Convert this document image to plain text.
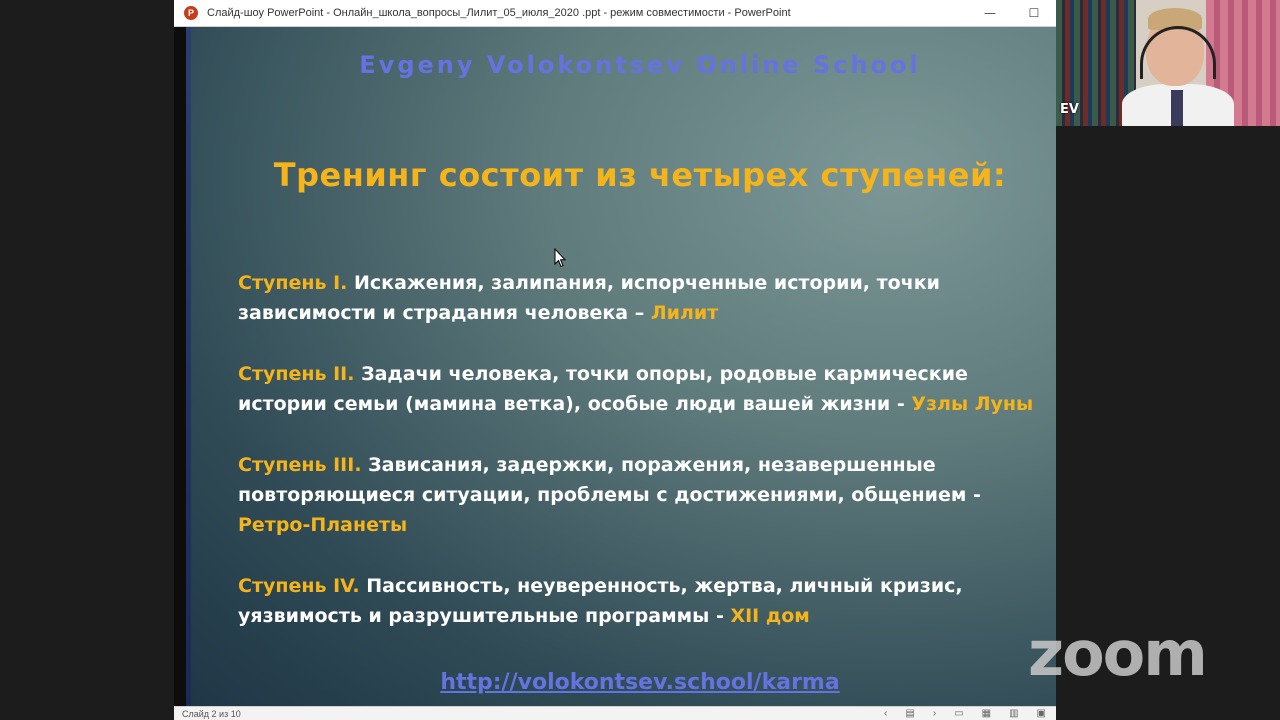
P	Слайд-шоу PowerPoint - Онлайн_школа_вопросы_Лилит_05_июля_2020 .ppt - режим совместимости - PowerPoint	—	☐
Evgeny Volokontsev Online School
Тренинг состоит из четырех ступеней:
Ступень I. Искажения, залипания, испорченные истории, точки зависимости и страдания человека – Лилит
Ступень II. Задачи человека, точки опоры, родовые кармические истории семьи (мамина ветка), особые люди вашей жизни - Узлы Луны
Ступень III. Зависания, задержки, поражения, незавершенные повторяющиеся ситуации, проблемы с достижениями, общением - Ретро-Планеты
Ступень IV. Пассивность, неуверенность, жертва, личный кризис, уязвимость и разрушительные программы - XII дом
http://volokontsev.school/karma
Слайд 2 из 10	‹ ▤ › ▭ ▦ ▥ ▣
EV
zoom
